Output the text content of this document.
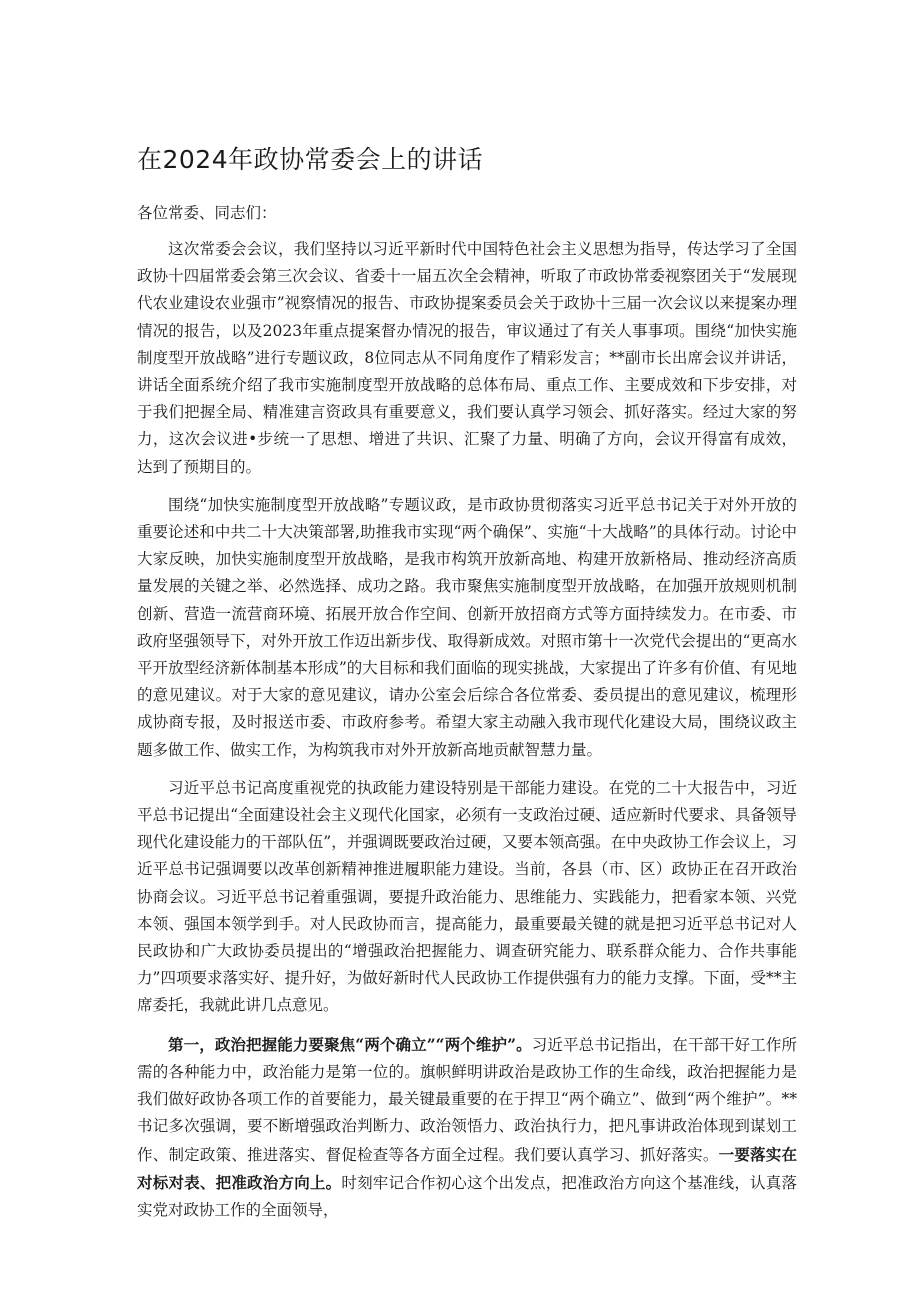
在2024年政协常委会上的讲话

各位常委、同志们：

这次常委会会议，我们坚持以习近平新时代中国特色社会主义思想为指导，传达学习了全国政协十四届常委会第三次会议、省委十一届五次全会精神，听取了市政协常委视察团关于“发展现代农业建设农业强市”视察情况的报告、市政协提案委员会关于政协十三届一次会议以来提案办理情况的报告，以及2023年重点提案督办情况的报告，审议通过了有关人事事项。围绕“加快实施制度型开放战略”进行专题议政，8位同志从不同角度作了精彩发言；**副市长出席会议并讲话，讲话全面系统介绍了我市实施制度型开放战略的总体布局、重点工作、主要成效和下步安排，对于我们把握全局、精准建言资政具有重要意义，我们要认真学习领会、抓好落实。经过大家的努力，这次会议进•步统一了思想、增进了共识、汇聚了力量、明确了方向，会议开得富有成效，达到了预期目的。

围绕“加快实施制度型开放战略”专题议政，是市政协贯彻落实习近平总书记关于对外开放的重要论述和中共二十大决策部署,助推我市实现“两个确保”、实施“十大战略”的具体行动。讨论中大家反映，加快实施制度型开放战略，是我市构筑开放新高地、构建开放新格局、推动经济高质量发展的关键之举、必然选择、成功之路。我市聚焦实施制度型开放战略，在加强开放规则机制创新、营造一流营商环境、拓展开放合作空间、创新开放招商方式等方面持续发力。在市委、市政府坚强领导下，对外开放工作迈出新步伐、取得新成效。对照市第十一次党代会提出的“更高水平开放型经济新体制基本形成”的大目标和我们面临的现实挑战，大家提出了许多有价值、有见地的意见建议。对于大家的意见建议，请办公室会后综合各位常委、委员提出的意见建议，梳理形成协商专报，及时报送市委、市政府参考。希望大家主动融入我市现代化建设大局，围绕议政主题多做工作、做实工作，为构筑我市对外开放新高地贡献智慧力量。

习近平总书记高度重视党的执政能力建设特别是干部能力建设。在党的二十大报告中，习近平总书记提出“全面建设社会主义现代化国家，必须有一支政治过硬、适应新时代要求、具备领导现代化建设能力的干部队伍”，并强调既要政治过硬，又要本领高强。在中央政协工作会议上，习近平总书记强调要以改革创新精神推进履职能力建设。当前，各县（市、区）政协正在召开政治协商会议。习近平总书记着重强调，要提升政治能力、思维能力、实践能力，把看家本领、兴党本领、强国本领学到手。对人民政协而言，提高能力，最重要最关键的就是把习近平总书记对人民政协和广大政协委员提出的“增强政治把握能力、调查研究能力、联系群众能力、合作共事能力”四项要求落实好、提升好，为做好新时代人民政协工作提供强有力的能力支撑。下面，受**主席委托，我就此讲几点意见。

第一，政治把握能力要聚焦“两个确立”“两个维护”。习近平总书记指出，在干部干好工作所需的各种能力中，政治能力是第一位的。旗帜鲜明讲政治是政协工作的生命线，政治把握能力是我们做好政协各项工作的首要能力，最关键最重要的在于捍卫“两个确立”、做到“两个维护”。**书记多次强调，要不断增强政治判断力、政治领悟力、政治执行力，把凡事讲政治体现到谋划工作、制定政策、推进落实、督促检查等各方面全过程。我们要认真学习、抓好落实。一要落实在对标对表、把准政治方向上。时刻牢记合作初心这个出发点，把准政治方向这个基准线，认真落实党对政协工作的全面领导，
